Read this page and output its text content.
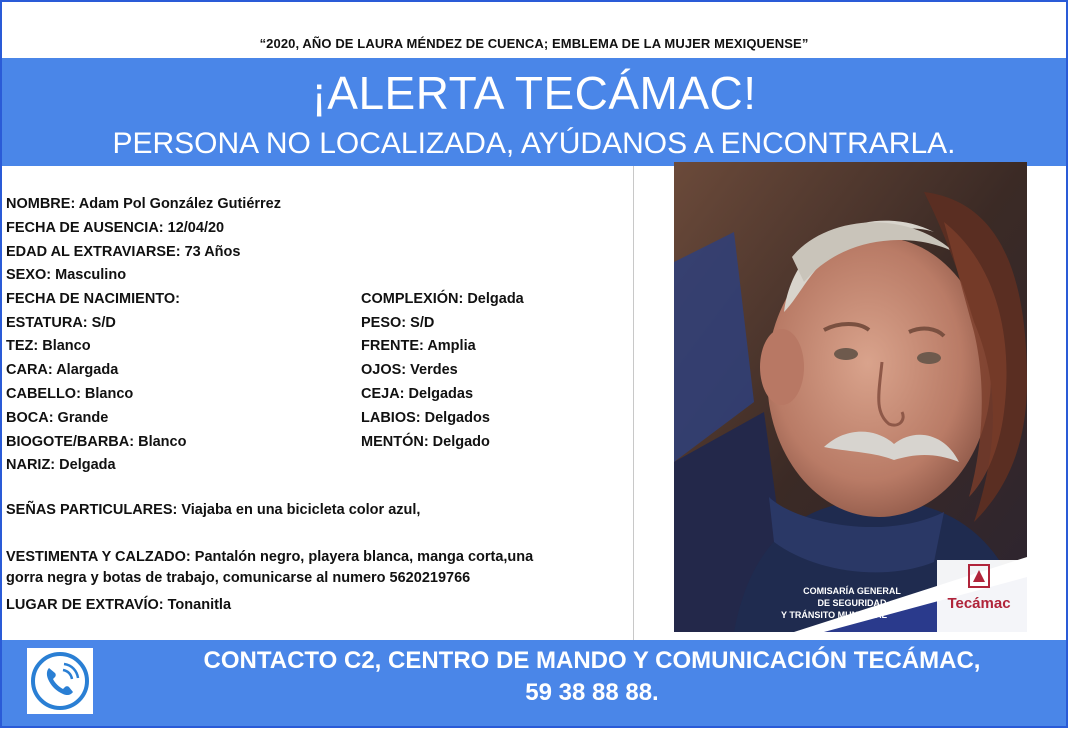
“2020, AÑO DE LAURA MÉNDEZ DE CUENCA; EMBLEMA DE LA MUJER MEXIQUENSE”
¡ALERTA TECÁMAC!
PERSONA NO LOCALIZADA, AYÚDANOS A ENCONTRARLA.
NOMBRE: Adam Pol González Gutiérrez
FECHA DE AUSENCIA: 12/04/20
EDAD AL EXTRAVIARSE: 73 Años
SEXO: Masculino
FECHA DE NACIMIENTO:
ESTATURA: S/D
TEZ: Blanco
CARA: Alargada
CABELLO: Blanco
BOCA: Grande
BIOGOTE/BARBA: Blanco
NARIZ: Delgada
COMPLEXIÓN: Delgada
PESO: S/D
FRENTE: Amplia
OJOS: Verdes
CEJA: Delgadas
LABIOS: Delgados
MENTÓN: Delgado
SEÑAS PARTICULARES: Viajaba en una bicicleta color azul,
VESTIMENTA Y CALZADO: Pantalón negro, playera blanca, manga corta,una
gorra negra y botas de trabajo, comunicarse al numero 5620219766
LUGAR DE EXTRAVÍO: Tonanitla
COMISARÍA GENERAL
DE SEGURIDAD
Y TRÁNSITO MUNICIPAL
Tecámac
CONTACTO C2, CENTRO DE MANDO Y COMUNICACIÓN TECÁMAC,
59 38 88 88.
